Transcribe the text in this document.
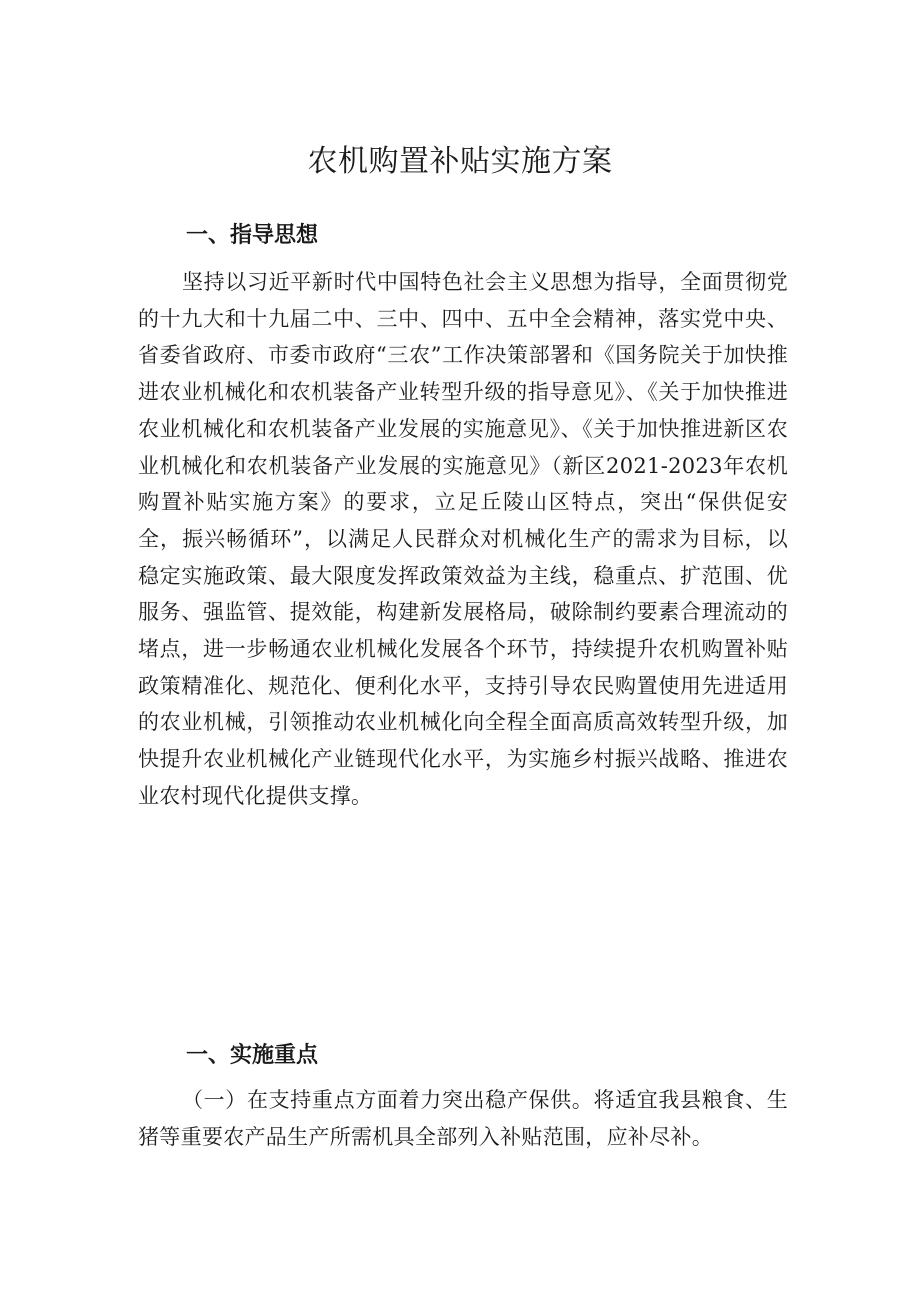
农机购置补贴实施方案
一、指导思想

坚持以习近平新时代中国特色社会主义思想为指导，全面贯彻党的十九大和十九届二中、三中、四中、五中全会精神，落实党中央、省委省政府、市委市政府“三农”工作决策部署和《国务院关于加快推进农业机械化和农机装备产业转型升级的指导意见》、《关于加快推进农业机械化和农机装备产业发展的实施意见》、《关于加快推进新区农业机械化和农机装备产业发展的实施意见》（新区2021-2023年农机购置补贴实施方案》的要求，立足丘陵山区特点，突出“保供促安全，振兴畅循环”，以满足人民群众对机械化生产的需求为目标，以稳定实施政策、最大限度发挥政策效益为主线，稳重点、扩范围、优服务、强监管、提效能，构建新发展格局，破除制约要素合理流动的堵点，进一步畅通农业机械化发展各个环节，持续提升农机购置补贴政策精准化、规范化、便利化水平，支持引导农民购置使用先进适用的农业机械，引领推动农业机械化向全程全面高质高效转型升级，加快提升农业机械化产业链现代化水平，为实施乡村振兴战略、推进农业农村现代化提供支撑。

一、实施重点

（一）在支持重点方面着力突出稳产保供。将适宜我县粮食、生猪等重要农产品生产所需机具全部列入补贴范围，应补尽补。
